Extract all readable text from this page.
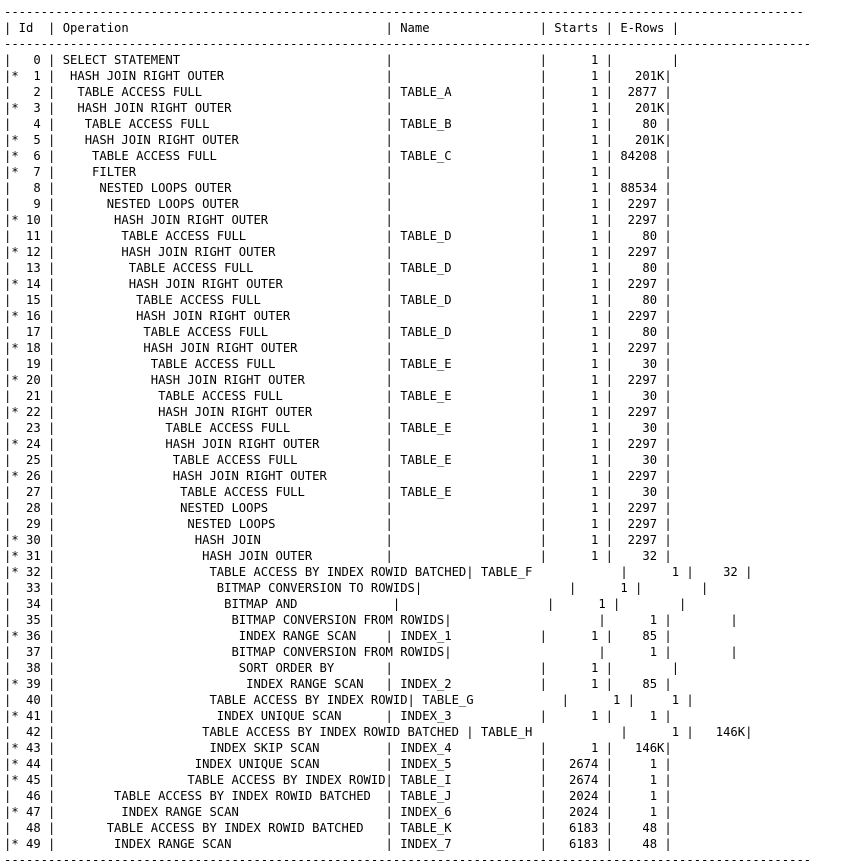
-------------------------------------------------------------------------------------------------------------
| Id  | Operation                                   | Name               | Starts | E-Rows |
--------------------------------------------------------------------------------------------------------------
|   0 | SELECT STATEMENT                            |                    |      1 |        |
|*  1 |  HASH JOIN RIGHT OUTER                      |                    |      1 |   201K|
|   2 |   TABLE ACCESS FULL                         | TABLE_A            |      1 |  2877 |
|*  3 |   HASH JOIN RIGHT OUTER                     |                    |      1 |   201K|
|   4 |    TABLE ACCESS FULL                        | TABLE_B            |      1 |    80 |
|*  5 |    HASH JOIN RIGHT OUTER                    |                    |      1 |   201K|
|*  6 |     TABLE ACCESS FULL                       | TABLE_C            |      1 | 84208 |
|*  7 |     FILTER                                  |                    |      1 |       |
|   8 |      NESTED LOOPS OUTER                     |                    |      1 | 88534 |
|   9 |       NESTED LOOPS OUTER                    |                    |      1 |  2297 |
|* 10 |        HASH JOIN RIGHT OUTER                |                    |      1 |  2297 |
|  11 |         TABLE ACCESS FULL                   | TABLE_D            |      1 |    80 |
|* 12 |         HASH JOIN RIGHT OUTER               |                    |      1 |  2297 |
|  13 |          TABLE ACCESS FULL                  | TABLE_D            |      1 |    80 |
|* 14 |          HASH JOIN RIGHT OUTER              |                    |      1 |  2297 |
|  15 |           TABLE ACCESS FULL                 | TABLE_D            |      1 |    80 |
|* 16 |           HASH JOIN RIGHT OUTER             |                    |      1 |  2297 |
|  17 |            TABLE ACCESS FULL                | TABLE_D            |      1 |    80 |
|* 18 |            HASH JOIN RIGHT OUTER            |                    |      1 |  2297 |
|  19 |             TABLE ACCESS FULL               | TABLE_E            |      1 |    30 |
|* 20 |             HASH JOIN RIGHT OUTER           |                    |      1 |  2297 |
|  21 |              TABLE ACCESS FULL              | TABLE_E            |      1 |    30 |
|* 22 |              HASH JOIN RIGHT OUTER          |                    |      1 |  2297 |
|  23 |               TABLE ACCESS FULL             | TABLE_E            |      1 |    30 |
|* 24 |               HASH JOIN RIGHT OUTER         |                    |      1 |  2297 |
|  25 |                TABLE ACCESS FULL            | TABLE_E            |      1 |    30 |
|* 26 |                HASH JOIN RIGHT OUTER        |                    |      1 |  2297 |
|  27 |                 TABLE ACCESS FULL           | TABLE_E            |      1 |    30 |
|  28 |                 NESTED LOOPS                |                    |      1 |  2297 |
|  29 |                  NESTED LOOPS               |                    |      1 |  2297 |
|* 30 |                   HASH JOIN                 |                    |      1 |  2297 |
|* 31 |                    HASH JOIN OUTER          |                    |      1 |    32 |
|* 32 |                     TABLE ACCESS BY INDEX ROWID BATCHED| TABLE_F            |      1 |    32 |
|  33 |                      BITMAP CONVERSION TO ROWIDS|                    |      1 |        |
|  34 |                       BITMAP AND             |                    |      1 |        |
|  35 |                        BITMAP CONVERSION FROM ROWIDS|                    |      1 |        |
|* 36 |                         INDEX RANGE SCAN    | INDEX_1            |      1 |    85 |
|  37 |                        BITMAP CONVERSION FROM ROWIDS|                    |      1 |        |
|  38 |                         SORT ORDER BY       |                    |      1 |        |
|* 39 |                          INDEX RANGE SCAN   | INDEX_2            |      1 |    85 |
|  40 |                     TABLE ACCESS BY INDEX ROWID| TABLE_G            |      1 |     1 |
|* 41 |                      INDEX UNIQUE SCAN      | INDEX_3            |      1 |     1 |
|  42 |                    TABLE ACCESS BY INDEX ROWID BATCHED | TABLE_H            |      1 |   146K|
|* 43 |                     INDEX SKIP SCAN         | INDEX_4            |      1 |   146K|
|* 44 |                   INDEX UNIQUE SCAN         | INDEX_5            |   2674 |     1 |
|* 45 |                  TABLE ACCESS BY INDEX ROWID| TABLE_I            |   2674 |     1 |
|  46 |        TABLE ACCESS BY INDEX ROWID BATCHED  | TABLE_J            |   2024 |     1 |
|* 47 |         INDEX RANGE SCAN                    | INDEX_6            |   2024 |     1 |
|  48 |       TABLE ACCESS BY INDEX ROWID BATCHED   | TABLE_K            |   6183 |    48 |
|* 49 |        INDEX RANGE SCAN                     | INDEX_7            |   6183 |    48 |
--------------------------------------------------------------------------------------------------------------
